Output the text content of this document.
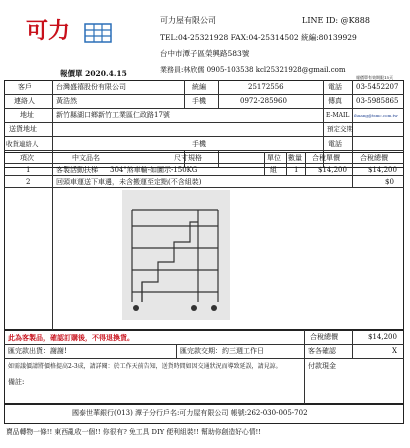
可力	可力屋有限公司	LINE ID: @K888
TEL:04-25321928 FAX:04-25314502 統編:80139929
台中市潭子區榮興路583號
業務員:林欣儒 0905-103538 kcl25321928@gmail.com
報價單有效期限15天
報價單 2020.4.15
客戶	台灣盛禧股份有限公司	統編	25172556	電話 03-5452207
連絡人	黃浩然	手機	0972-285960	傳真 03-5985865
地址	新竹縣湖口鄉新竹工業區仁政路17號	E-MAIL ihuang@tsmc.com.tw
送貨地址	預定交期
收貨連絡人	手機	電話
項次	中文品名	尺寸規格	單位 數量 合稅單價	合稅總價
1	客製活動扶梯 304"煞車輪-如圖示-150KG	組 1	$14,200	$14,200
2	回頭車運送下車邊，未含搬運至定點(不含組裝)	$0
此為客製品，確認訂購後，不得退換貨。	合稅總價	$14,200
匯完款出貨：謝謝!	匯完款交期：約三週工作日	客各確認	X
如需議價請將價格提高2-3成，請詳閱：於工作天前告知，送貨時間如因交通狀況而導致延誤，請見諒。	付款現金
備註:
國泰世華銀行(013) 潭子分行戶名:可力屋有限公司 帳號:262-030-005-702
賣品轉物一條!! 東西亂收一個!! 你很有? 免工具 DIY 便利組裝!! 幫助你創造好心情!!
